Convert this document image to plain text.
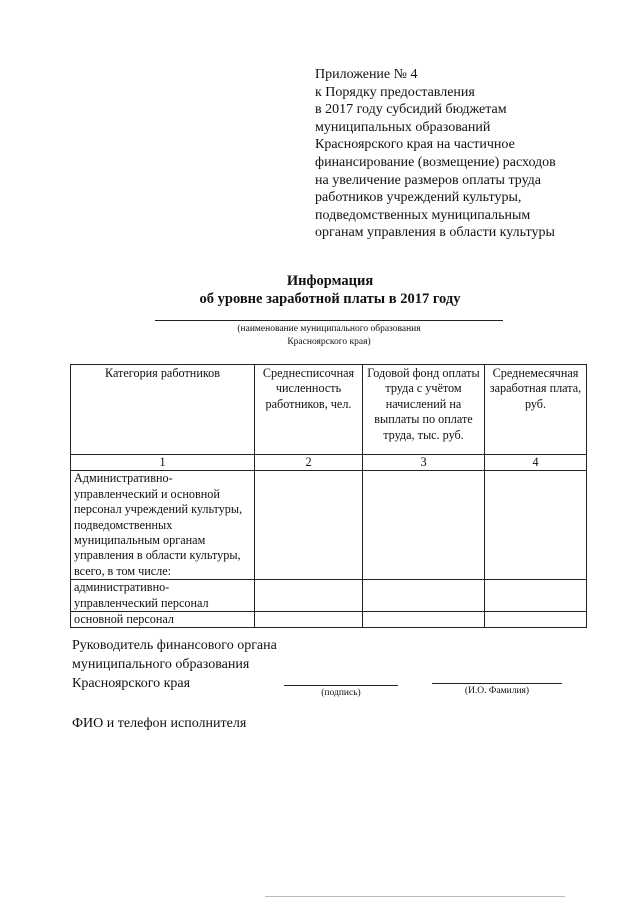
Приложение № 4
к Порядку предоставления
в 2017 году субсидий бюджетам
муниципальных образований
Красноярского края на частичное
финансирование (возмещение) расходов
на увеличение размеров оплаты труда
работников учреждений культуры,
подведомственных муниципальным
органам управления в области культуры
Информация
об уровне заработной платы в 2017 году
(наименование муниципального образования
Красноярского края)
Категория работников	Среднесписочная численность работников, чел.	Годовой фонд оплаты труда с учётом начислений на выплаты по оплате труда, тыс. руб.	Среднемесячная заработная плата, руб.
1	2	3	4
Административно-управленческий и основной персонал учреждений культуры, подведомственных муниципальным органам управления в области культуры, всего, в том числе:			
административно-управленческий персонал			
основной персонал			
Руководитель финансового органа
муниципального образования
Красноярского края
(подпись)	(И.О. Фамилия)
ФИО и телефон исполнителя
